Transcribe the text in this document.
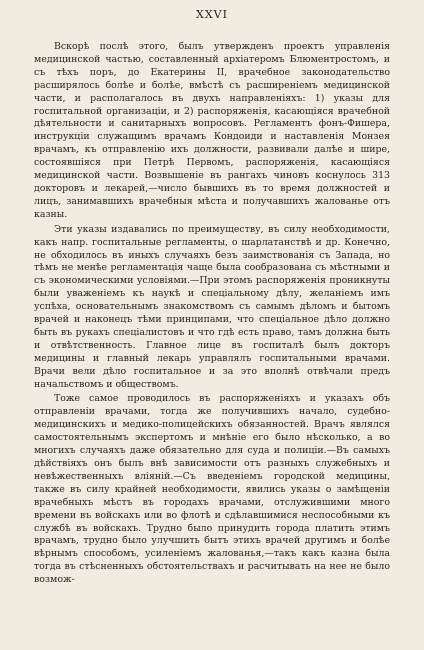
XXVI

Вскорѣ послѣ этого, былъ утвержденъ проектъ управленія медицинской частью, составленный архіатеромъ Блюментростомъ, и съ тѣхъ поръ, до Екатерины II, врачебное законодательство расширялось болѣе и болѣе, вмѣстѣ съ расширеніемъ медицинской части, и располагалось въ двухъ направленіяхъ: 1) указы для госпитальной организаціи, и 2) распоряженія, касающіяся врачебной дѣятельности и санитарныхъ вопросовъ. Регламентъ фонъ-Фишера, инструкціи служащимъ врачамъ Кондоиди и наставленія Монзея врачамъ, къ отправленію ихъ должности, развивали далѣе и шире, состоявшіяся при Петрѣ Первомъ, распоряженія, касающіяся медицинской части. Возвышеніе въ рангахъ чиновъ коснулось 313 докторовъ и лекарей,—число бывшихъ въ то время должностей и лицъ, занимавшихъ врачебныя мѣста и получавшихъ жалованье отъ казны.

Эти указы издавались по преимуществу, въ силу необходимости, какъ напр. госпитальные регламенты, о шарлатанствѣ и др. Конечно, не обходилось въ иныхъ случаяхъ безъ заимствованія съ Запада, но тѣмъ не менѣе регламентація чаще была сообразована съ мѣстными и съ экономическими условіями.—При этомъ распоряженія проникнуты были уваженіемъ къ наукѣ и спеціальному дѣлу, желаніемъ имъ успѣха, основательнымъ знакомствомъ съ самымъ дѣломъ и бытомъ врачей и наконецъ тѣми принципами, что спеціальное дѣло должно быть въ рукахъ спеціалистовъ и что гдѣ есть право, тамъ должна быть и отвѣтственность. Главное лице въ госпиталѣ былъ докторъ медицины и главный лекарь управлялъ госпитальными врачами. Врачи вели дѣло госпитальное и за это вполнѣ отвѣчали предъ начальствомъ и обществомъ.

Тоже самое проводилось въ распоряженіяхъ и указахъ объ отправленіи врачами, тогда же получившихъ начало, судебно-медицинскихъ и медико-полицейскихъ обязанностей. Врачъ являлся самостоятельнымъ экспертомъ и мнѣніе его было нѣсколько, а во многихъ случаяхъ даже обязательно для суда и полиціи.—Въ самыхъ дѣйствіяхъ онъ былъ внѣ зависимости отъ разныхъ служебныхъ и невѣжественныхъ вліяній.—Съ введеніемъ городской медицины, также въ силу крайней необходимости, явились указы о замѣщеніи врачебныхъ мѣстъ въ городахъ врачами, отслужившими много времени въ войскахъ или во флотѣ и сдѣлавшимися неспособными къ службѣ въ войскахъ. Трудно было принудить города платить этимъ врачамъ, трудно было улучшить бытъ этихъ врачей другимъ и болѣе вѣрнымъ способомъ, усиленіемъ жалованья,—такъ какъ казна была тогда въ стѣсненныхъ обстоятельствахъ и расчитывать на нее не было возмож-
